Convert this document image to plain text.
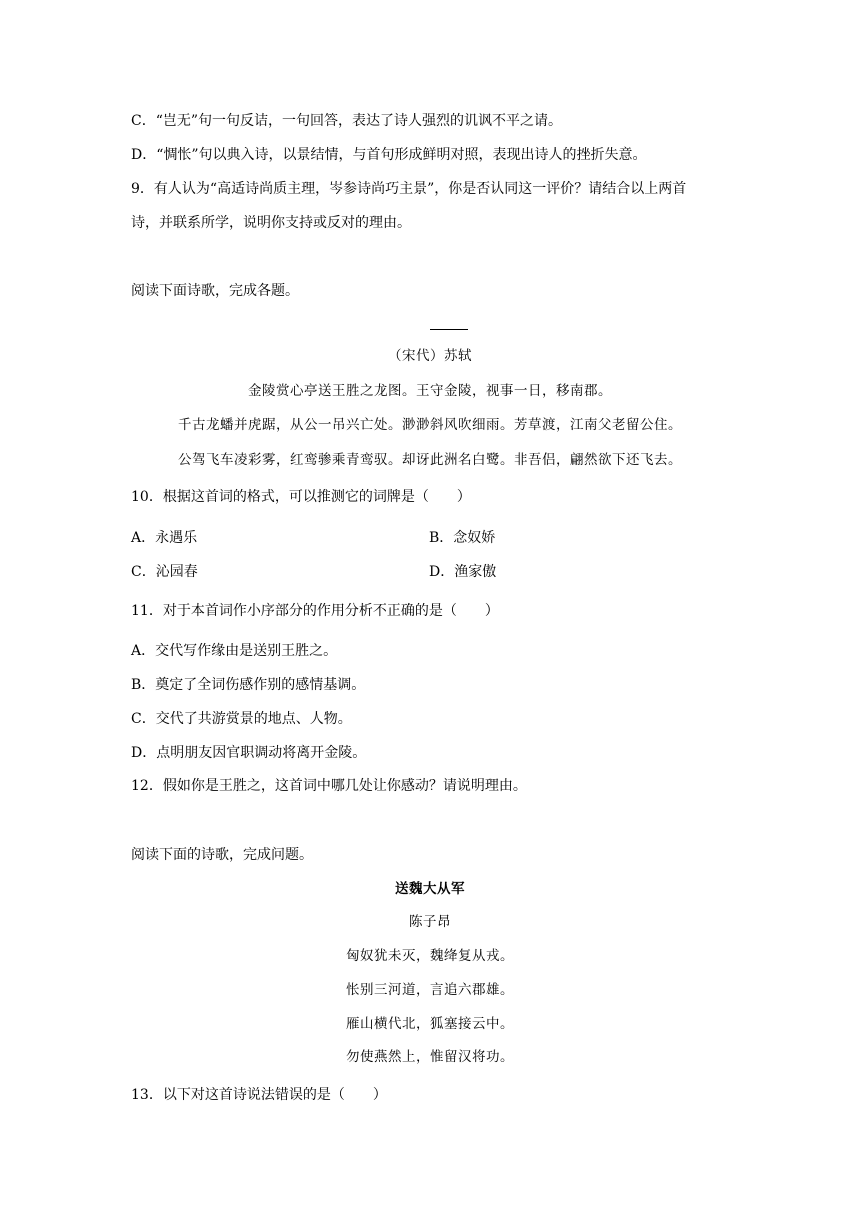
C．“岂无”句一句反诘，一句回答，表达了诗人强烈的讥讽不平之请。
D．“惆怅”句以典入诗，以景结情，与首句形成鲜明对照，表现出诗人的挫折失意。
9．有人认为“高适诗尚质主理，岑参诗尚巧主景”，你是否认同这一评价？请结合以上两首
诗，并联系所学，说明你支持或反对的理由。
阅读下面诗歌，完成各题。
（宋代）苏轼
金陵赏心亭送王胜之龙图。王守金陵，视事一日，移南郡。
千古龙蟠并虎踞，从公一吊兴亡处。渺渺斜风吹细雨。芳草渡，江南父老留公住。
公驾飞车凌彩雾，红鸾骖乘青鸾驭。却讶此洲名白鹭。非吾侣，翩然欲下还飞去。
10．根据这首词的格式，可以推测它的词牌是（　　）
A．永遇乐	B．念奴娇
C．沁园春	D．渔家傲
11．对于本首词作小序部分的作用分析不正确的是（　　）
A．交代写作缘由是送别王胜之。
B．奠定了全词伤感作别的感情基调。
C．交代了共游赏景的地点、人物。
D．点明朋友因官职调动将离开金陵。
12．假如你是王胜之，这首词中哪几处让你感动？请说明理由。
阅读下面的诗歌，完成问题。
送魏大从军
陈子昂
匈奴犹未灭，魏绛复从戎。
怅别三河道，言追六郡雄。
雁山横代北，狐塞接云中。
勿使燕然上，惟留汉将功。
13．以下对这首诗说法错误的是（　　）
